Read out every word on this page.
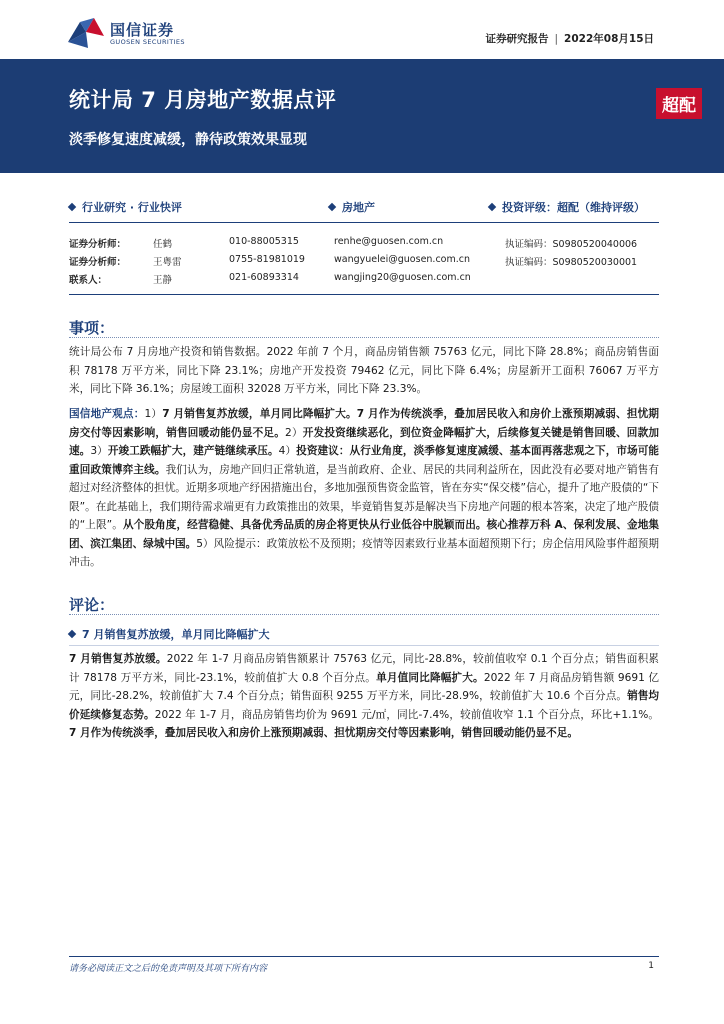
国信证券
GUOSEN SECURITIES	证券研究报告 | 2022年08月15日
统计局 7 月房地产数据点评
淡季修复速度减缓，静待政策效果显现
超配
行业研究 · 行业快评	房地产	投资评级：超配（维持评级）
证券分析师：	任鹤	010-88005315	renhe@guosen.com.cn	执证编码：S0980520040006
证券分析师：	王粤雷	0755-81981019	wangyuelei@guosen.com.cn	执证编码：S0980520030001
联系人：	王静	021-60893314	wangjing20@guosen.com.cn
事项：
统计局公布 7 月房地产投资和销售数据。2022 年前 7 个月，商品房销售额 75763 亿元，同比下降 28.8%；商品房销售面积 78178 万平方米，同比下降 23.1%；房地产开发投资 79462 亿元，同比下降 6.4%；房屋新开工面积 76067 万平方米，同比下降 36.1%；房屋竣工面积 32028 万平方米，同比下降 23.3%。
国信地产观点：1）7 月销售复苏放缓，单月同比降幅扩大。7 月作为传统淡季，叠加居民收入和房价上涨预期减弱、担忧期房交付等因素影响，销售回暖动能仍显不足。2）开发投资继续恶化，到位资金降幅扩大，后续修复关键是销售回暖、回款加速。3）开竣工跌幅扩大，建产链继续承压。4）投资建议：从行业角度，淡季修复速度减缓、基本面再落悲观之下，市场可能重回政策博弈主线。我们认为，房地产回归正常轨道，是当前政府、企业、居民的共同利益所在，因此没有必要对地产销售有超过对经济整体的担忧。近期多项地产纾困措施出台，多地加强预售资金监管，皆在夯实“保交楼”信心，提升了地产股债的“下限”。在此基础上，我们期待需求端更有力政策推出的效果，毕竟销售复苏是解决当下房地产问题的根本答案，决定了地产股债的“上限”。从个股角度，经营稳健、具备优秀品质的房企将更快从行业低谷中脱颖而出。核心推荐万科 A、保利发展、金地集团、滨江集团、绿城中国。5）风险提示：政策放松不及预期；疫情等因素致行业基本面超预期下行；房企信用风险事件超预期冲击。
评论：
7 月销售复苏放缓，单月同比降幅扩大
7 月销售复苏放缓。2022 年 1-7 月商品房销售额累计 75763 亿元，同比-28.8%，较前值收窄 0.1 个百分点；销售面积累计 78178 万平方米，同比-23.1%，较前值扩大 0.8 个百分点。单月值同比降幅扩大。2022 年 7 月商品房销售额 9691 亿元，同比-28.2%，较前值扩大 7.4 个百分点；销售面积 9255 万平方米，同比-28.9%，较前值扩大 10.6 个百分点。销售均价延续修复态势。2022 年 1-7 月，商品房销售均价为 9691 元/㎡，同比-7.4%，较前值收窄 1.1 个百分点，环比+1.1%。7 月作为传统淡季，叠加居民收入和房价上涨预期减弱、担忧期房交付等因素影响，销售回暖动能仍显不足。
请务必阅读正文之后的免责声明及其项下所有内容	1
